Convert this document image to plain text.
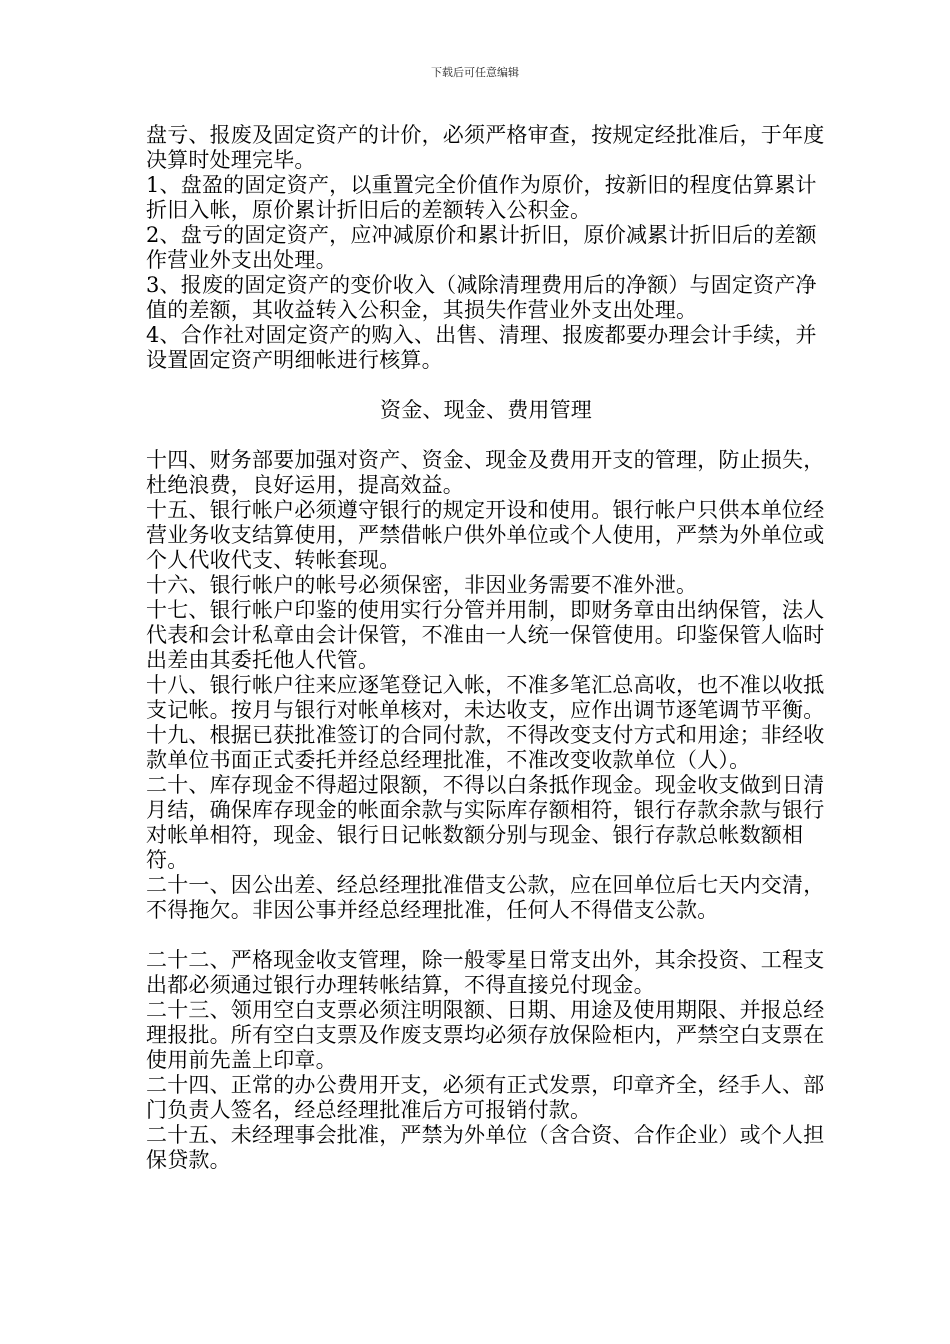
下载后可任意编辑

盘亏、报废及固定资产的计价，必须严格审查，按规定经批准后，于年度决算时处理完毕。

1、盘盈的固定资产，以重置完全价值作为原价，按新旧的程度估算累计折旧入帐，原价累计折旧后的差额转入公积金。

2、盘亏的固定资产，应冲减原价和累计折旧，原价减累计折旧后的差额作营业外支出处理。

3、报废的固定资产的变价收入（减除清理费用后的净额）与固定资产净值的差额，其收益转入公积金，其损失作营业外支出处理。

4、合作社对固定资产的购入、出售、清理、报废都要办理会计手续，并设置固定资产明细帐进行核算。

资金、现金、费用管理

十四、财务部要加强对资产、资金、现金及费用开支的管理，防止损失，杜绝浪费，良好运用，提高效益。

十五、银行帐户必须遵守银行的规定开设和使用。银行帐户只供本单位经营业务收支结算使用，严禁借帐户供外单位或个人使用，严禁为外单位或个人代收代支、转帐套现。

十六、银行帐户的帐号必须保密，非因业务需要不准外泄。

十七、银行帐户印鉴的使用实行分管并用制，即财务章由出纳保管，法人代表和会计私章由会计保管，不准由一人统一保管使用。印鉴保管人临时出差由其委托他人代管。

十八、银行帐户往来应逐笔登记入帐，不准多笔汇总高收，也不准以收抵支记帐。按月与银行对帐单核对，未达收支，应作出调节逐笔调节平衡。

十九、根据已获批准签订的合同付款，不得改变支付方式和用途；非经收款单位书面正式委托并经总经理批准，不准改变收款单位（人）。

二十、库存现金不得超过限额，不得以白条抵作现金。现金收支做到日清月结，确保库存现金的帐面余款与实际库存额相符，银行存款余款与银行对帐单相符，现金、银行日记帐数额分别与现金、银行存款总帐数额相符。

二十一、因公出差、经总经理批准借支公款，应在回单位后七天内交清，不得拖欠。非因公事并经总经理批准，任何人不得借支公款。

二十二、严格现金收支管理，除一般零星日常支出外，其余投资、工程支出都必须通过银行办理转帐结算，不得直接兑付现金。

二十三、领用空白支票必须注明限额、日期、用途及使用期限、并报总经理报批。所有空白支票及作废支票均必须存放保险柜内，严禁空白支票在使用前先盖上印章。

二十四、正常的办公费用开支，必须有正式发票，印章齐全，经手人、部门负责人签名，经总经理批准后方可报销付款。

二十五、未经理事会批准，严禁为外单位（含合资、合作企业）或个人担保贷款。
